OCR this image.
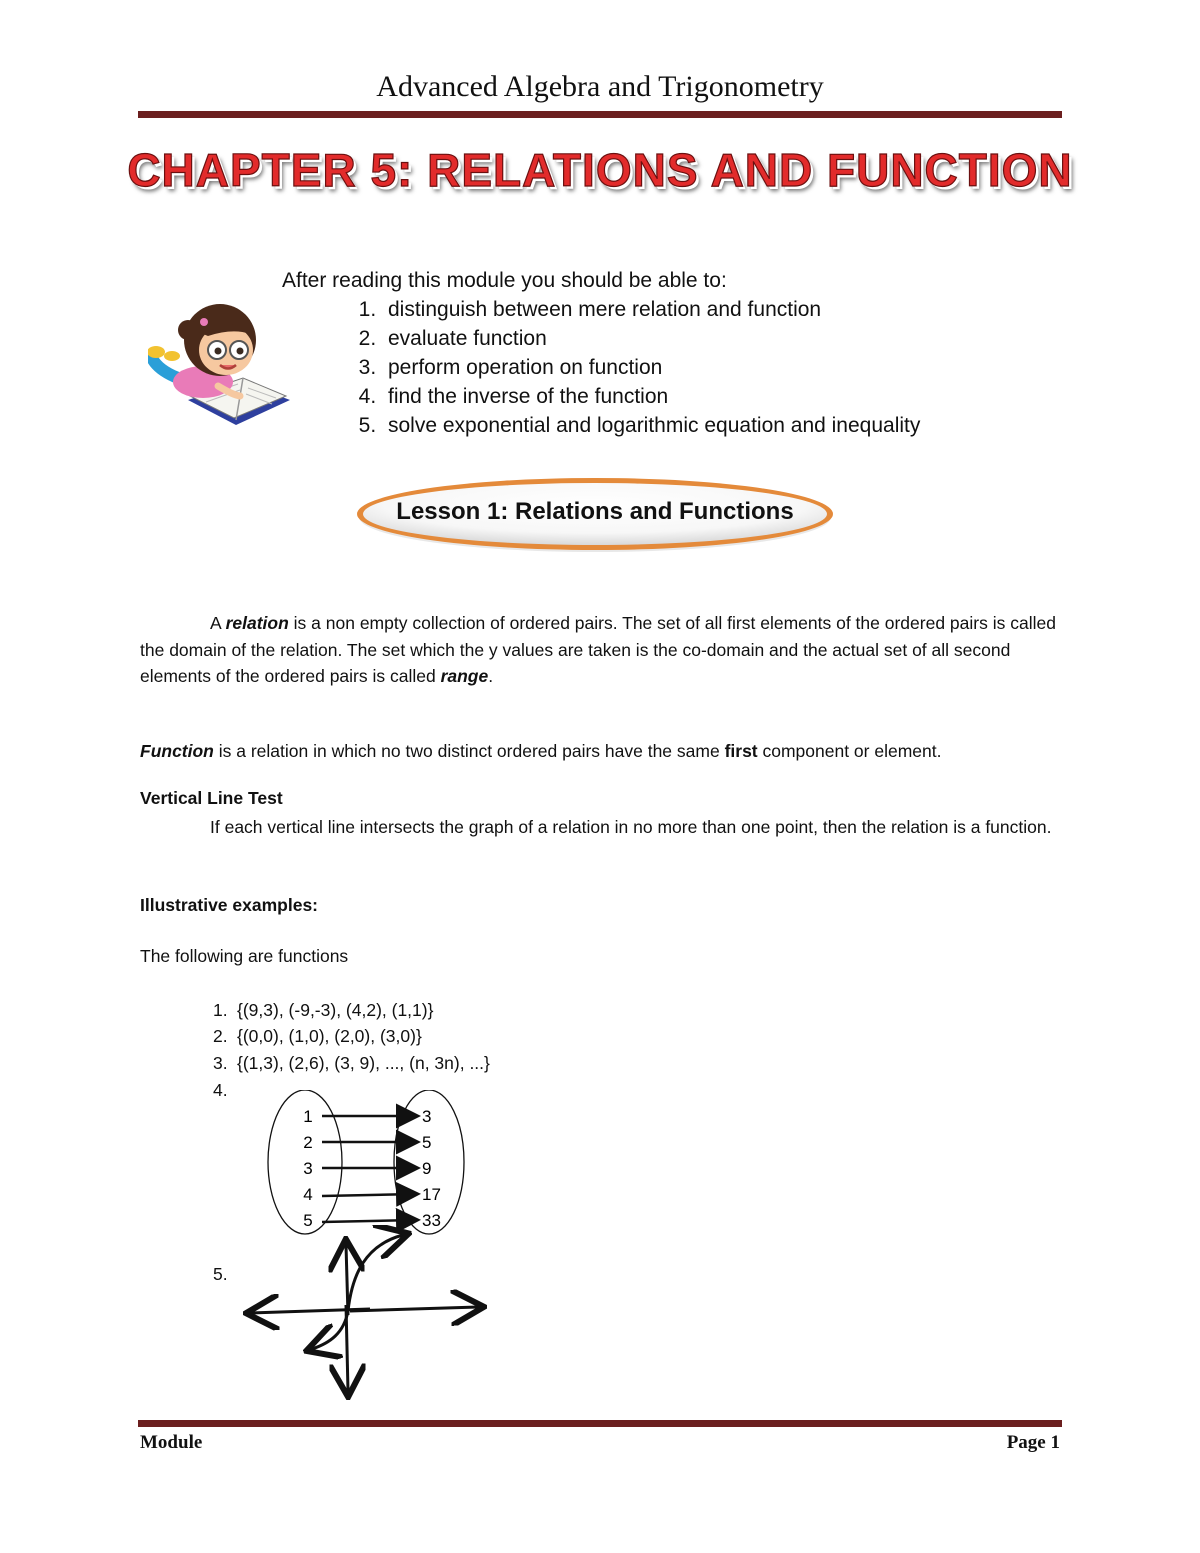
Advanced Algebra and Trigonometry
CHAPTER 5: RELATIONS AND FUNCTION

After reading this module you should be able to:

1. distinguish between mere relation and function
2. evaluate function
3. perform operation on function
4. find the inverse of the function
5. solve exponential and logarithmic equation and inequality
Lesson 1: Relations and Functions

A relation is a non empty collection of ordered pairs. The set of all first elements of the ordered pairs is called the domain of the relation. The set which the y values are taken is the co-domain and the actual set of all second elements of the ordered pairs is called range.

Function is a relation in which no two distinct ordered pairs have the same first component or element.

Vertical Line Test

If each vertical line intersects the graph of a relation in no more than one point, then the relation is a function.

Illustrative examples:
The following are functions
1. {(9,3), (-9,-3), (4,2), (1,1)}
2. {(0,0), (1,0), (2,0), (3,0)}
3. {(1,3), (2,6), (3, 9), ..., (n, 3n), ...}
4.
5.
1
2
3
4
5
3
5
9
17
33
Module	Page 1
